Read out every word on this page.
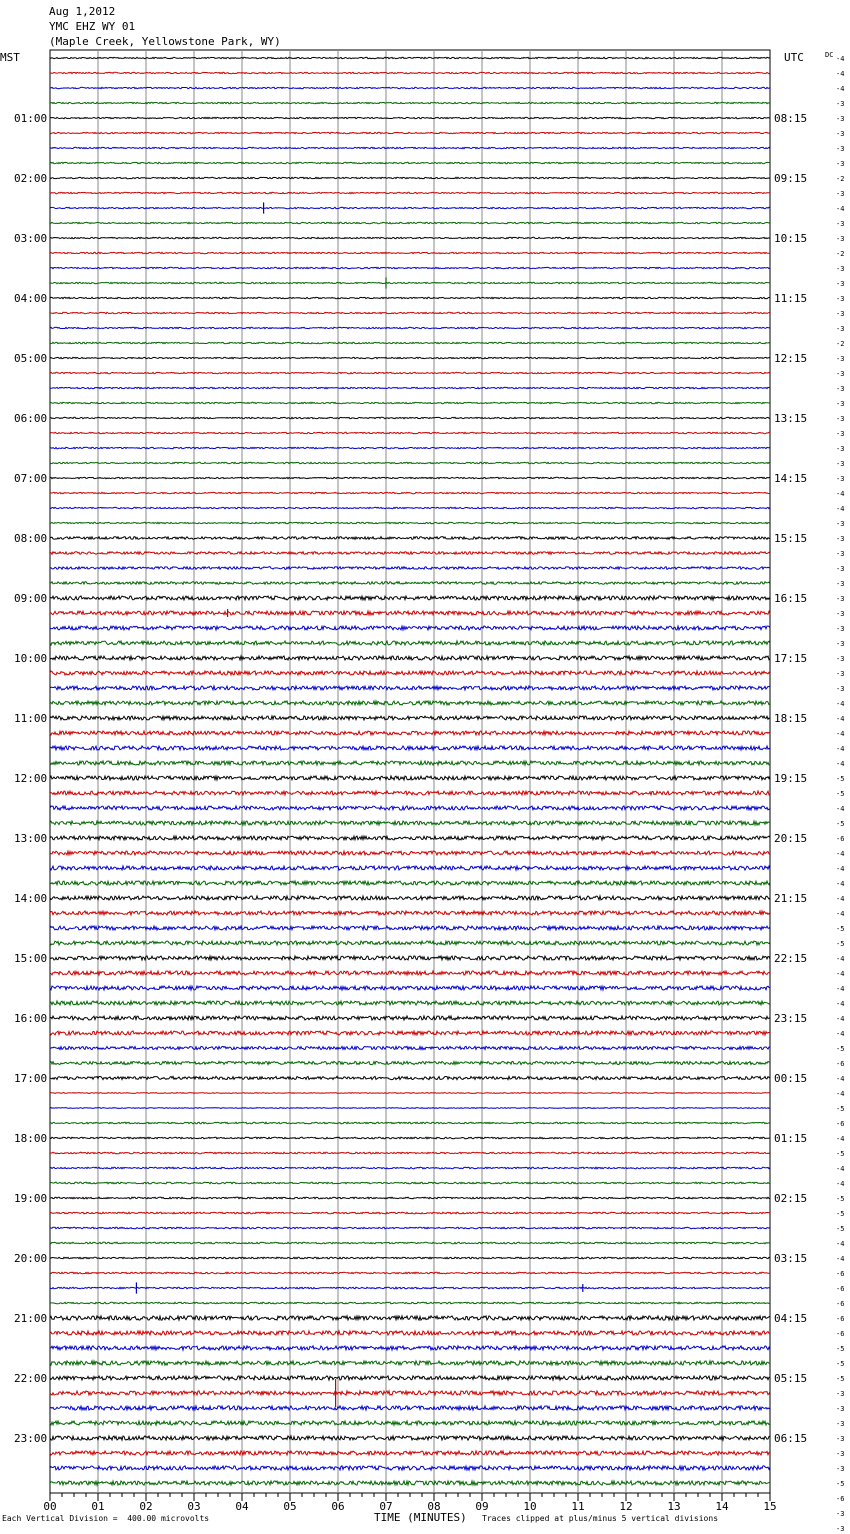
Aug 1,2012
YMC EHZ WY 01
(Maple Creek, Yellowstone Park, WY)
MST	UTC	DC
01:00
02:00
03:00
04:00
05:00
06:00
07:00
08:00
09:00
10:00
11:00
12:00
13:00
14:00
15:00
16:00
17:00
18:00
19:00
20:00
21:00
22:00
23:00
08:15
09:15
10:15
11:15
12:15
13:15
14:15
15:15
16:15
17:15
18:15
19:15
20:15
21:15
22:15
23:15
00:15
01:15
02:15
03:15
04:15
05:15
06:15
-4
-4
-4
-3
-3
-3
-3
-3
-2
-3
-4
-3
-3
-2
-3
-3
-3
-3
-3
-2
-3
-3
-3
-3
-3
-3
-3
-3
-3
-4
-4
-3
-3
-3
-3
-3
-3
-3
-3
-3
-3
-3
-3
-4
-4
-4
-4
-4
-5
-5
-4
-5
-6
-4
-4
-4
-4
-4
-5
-5
-4
-4
-4
-4
-4
-4
-5
-6
-4
-4
-5
-6
-4
-5
-4
-4
-5
-5
-5
-4
-4
-6
-6
-6
-6
-6
-5
-5
-5
-3
-3
-3
-3
-3
-3
-5
-6
-3
-3
00	01	02	03	04	05	06	07	08	09	10	11	12	13	14	15
TIME (MINUTES)
Each Vertical Division =  400.00 microvolts	Traces clipped at plus/minus 5 vertical divisions
